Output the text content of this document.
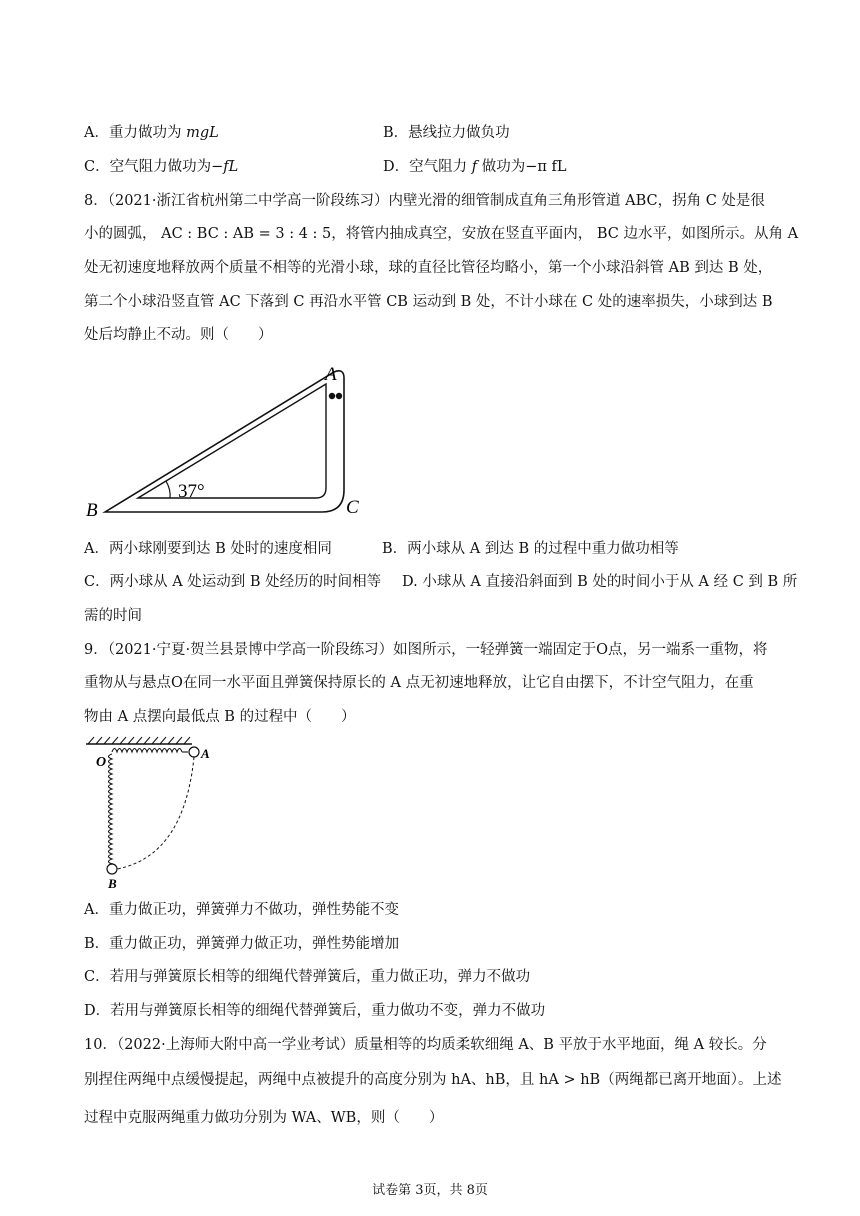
A．重力做功为 mgL	B．悬线拉力做负功
C．空气阻力做功为−fL	D．空气阻力 f 做功为−π fL
8．（2021·浙江省杭州第二中学高一阶段练习）内壁光滑的细管制成直角三角形管道 ABC，拐角 C 处是很
小的圆弧， AC : BC : AB = 3 : 4 : 5，将管内抽成真空，安放在竖直平面内， BC 边水平，如图所示。从角 A
处无初速度地释放两个质量不相等的光滑小球，球的直径比管径均略小，第一个小球沿斜管 AB 到达 B 处，
第二个小球沿竖直管 AC 下落到 C 再沿水平管 CB 运动到 B 处，不计小球在 C 处的速率损失，小球到达 B
处后均静止不动。则（　　）
37°
A
B	C
A．两小球刚要到达 B 处时的速度相同	B．两小球从 A 到达 B 的过程中重力做功相等
C．两小球从 A 处运动到 B 处经历的时间相等 D. 小球从 A 直接沿斜面到 B 处的时间小于从 A 经 C 到 B 所
需的时间
9．（2021·宁夏·贺兰县景博中学高一阶段练习）如图所示，一轻弹簧一端固定于O点，另一端系一重物，将
重物从与悬点O在同一水平面且弹簧保持原长的 A 点无初速地释放，让它自由摆下，不计空气阻力，在重
物由 A 点摆向最低点 B 的过程中（　　）
O
A
B
A．重力做正功，弹簧弹力不做功，弹性势能不变
B．重力做正功，弹簧弹力做正功，弹性势能增加
C．若用与弹簧原长相等的细绳代替弹簧后，重力做正功，弹力不做功
D．若用与弹簧原长相等的细绳代替弹簧后，重力做功不变，弹力不做功
10．（2022·上海师大附中高一学业考试）质量相等的均质柔软细绳 A、B 平放于水平地面，绳 A 较长。分
别捏住两绳中点缓慢提起，两绳中点被提升的高度分别为 hA、hB，且 hA > hB（两绳都已离开地面）。上述
过程中克服两绳重力做功分别为 WA、WB，则（　　）
试卷第 3页，共 8页
